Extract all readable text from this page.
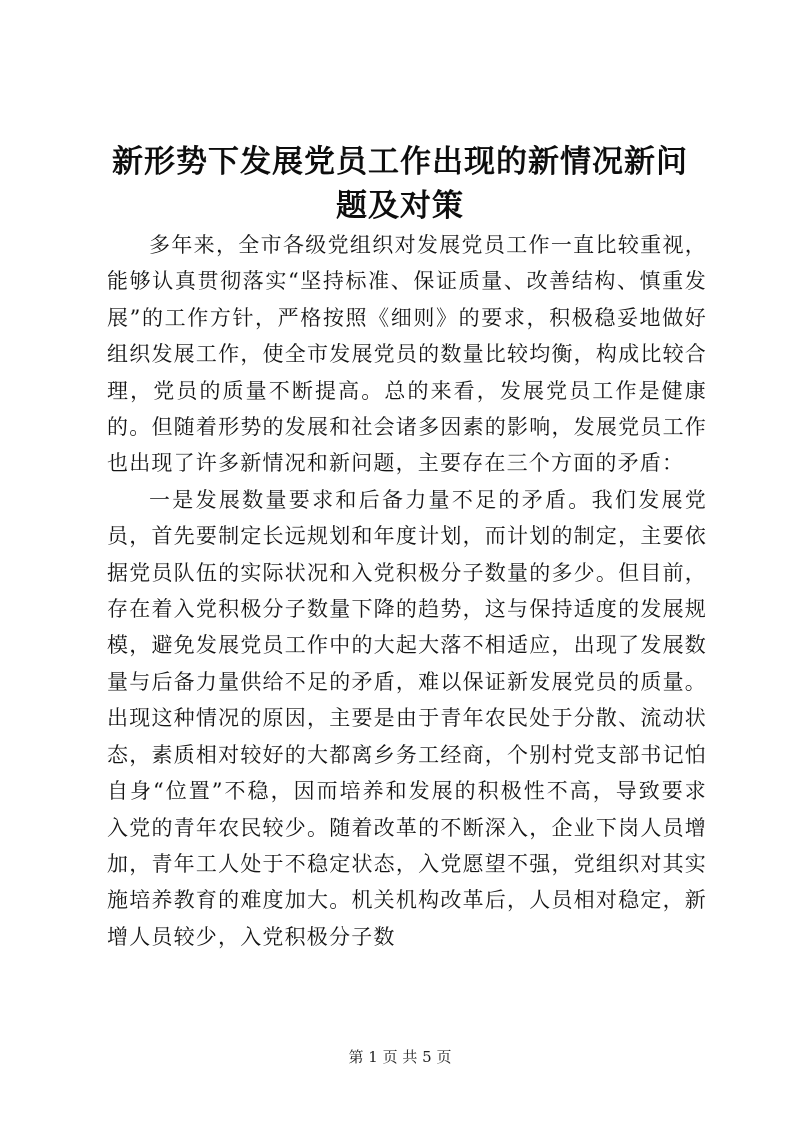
新形势下发展党员工作出现的新情况新问题及对策

多年来，全市各级党组织对发展党员工作一直比较重视，能够认真贯彻落实“坚持标准、保证质量、改善结构、慎重发展”的工作方针，严格按照《细则》的要求，积极稳妥地做好组织发展工作，使全市发展党员的数量比较均衡，构成比较合理，党员的质量不断提高。总的来看，发展党员工作是健康的。但随着形势的发展和社会诸多因素的影响，发展党员工作也出现了许多新情况和新问题，主要存在三个方面的矛盾：

一是发展数量要求和后备力量不足的矛盾。我们发展党员，首先要制定长远规划和年度计划，而计划的制定，主要依据党员队伍的实际状况和入党积极分子数量的多少。但目前，存在着入党积极分子数量下降的趋势，这与保持适度的发展规模，避免发展党员工作中的大起大落不相适应，出现了发展数量与后备力量供给不足的矛盾，难以保证新发展党员的质量。出现这种情况的原因，主要是由于青年农民处于分散、流动状态，素质相对较好的大都离乡务工经商，个别村党支部书记怕自身“位置”不稳，因而培养和发展的积极性不高，导致要求入党的青年农民较少。随着改革的不断深入，企业下岗人员增加，青年工人处于不稳定状态，入党愿望不强，党组织对其实施培养教育的难度加大。机关机构改革后，人员相对稳定，新增人员较少，入党积极分子数

第 1 页 共 5 页
